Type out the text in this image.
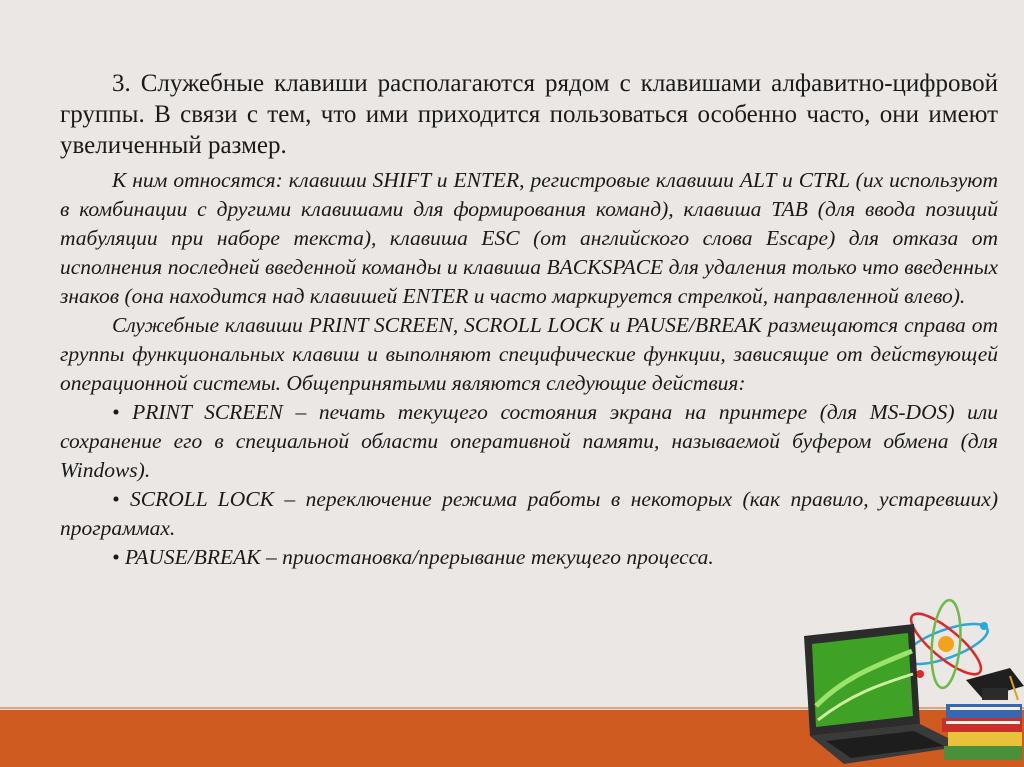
3. Служебные клавиши располагаются рядом с клавишами алфавитно-цифровой группы. В связи с тем, что ими приходится пользоваться особенно часто, они имеют увеличенный размер.

К ним относятся: клавиши SHIFT и ENTER, регистровые клавиши ALT и CTRL (их используют в комбинации с другими клавишами для формирования команд), клавиша TAB (для ввода позиций табуляции при наборе текста), клавиша ESC (от английского слова Escape) для отказа от исполнения последней введенной команды и клавиша BACKSPACE для удаления только что введенных знаков (она находится над клавишей ENTER и часто маркируется стрелкой, направленной влево).

Служебные клавиши PRINT SCREEN, SCROLL LOCK и PAUSE/BREAK размещаются справа от группы функциональных клавиш и выполняют специфические функции, зависящие от действующей операционной системы. Общепринятыми являются следующие действия:

• PRINT SCREEN – печать текущего состояния экрана на принтере (для MS-DOS) или сохранение его в специальной области оперативной памяти, называемой буфером обмена (для Windows).

• SCROLL LOCK – переключение режима работы в некоторых (как правило, устаревших) программах.

• PAUSE/BREAK – приостановка/прерывание текущего процесса.
